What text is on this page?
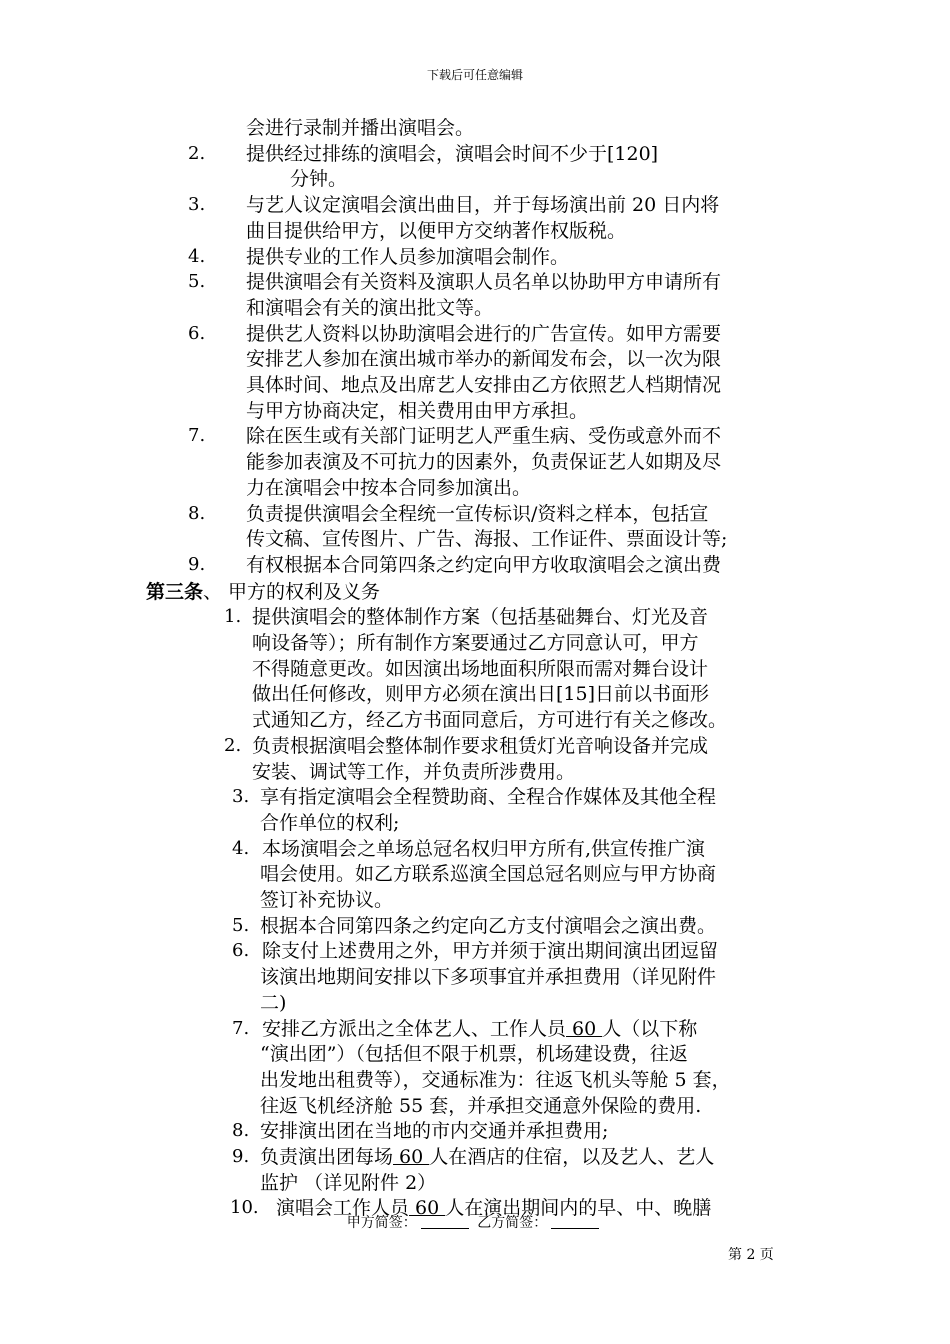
下载后可任意编辑
会进行录制并播出演唱会。
2. 提供经过排练的演唱会，演唱会时间不少于[120]
分钟。
3. 与艺人议定演唱会演出曲目，并于每场演出前 20 日内将
曲目提供给甲方，以便甲方交纳著作权版税。
4. 提供专业的工作人员参加演唱会制作。
5. 提供演唱会有关资料及演职人员名单以协助甲方申请所有
和演唱会有关的演出批文等。
6. 提供艺人资料以协助演唱会进行的广告宣传。如甲方需要
安排艺人参加在演出城市举办的新闻发布会，以一次为限
具体时间、地点及出席艺人安排由乙方依照艺人档期情况
与甲方协商决定，相关费用由甲方承担。
7. 除在医生或有关部门证明艺人严重生病、受伤或意外而不
能参加表演及不可抗力的因素外，负责保证艺人如期及尽
力在演唱会中按本合同参加演出。
8. 负责提供演唱会全程统一宣传标识/资料之样本，包括宣
传文稿、宣传图片、广告、海报、工作证件、票面设计等;
9. 有权根据本合同第四条之约定向甲方收取演唱会之演出费
第三条、 甲方的权利及义务
1. 提供演唱会的整体制作方案（包括基础舞台、灯光及音
响设备等）；所有制作方案要通过乙方同意认可，甲方
不得随意更改。如因演出场地面积所限而需对舞台设计
做出任何修改，则甲方必须在演出日[15]日前以书面形
式通知乙方，经乙方书面同意后，方可进行有关之修改。
2. 负责根据演唱会整体制作要求租赁灯光音响设备并完成
安装、调试等工作，并负责所涉费用。
3. 享有指定演唱会全程赞助商、全程合作媒体及其他全程
合作单位的权利;
4. 本场演唱会之单场总冠名权归甲方所有,供宣传推广演
唱会使用。如乙方联系巡演全国总冠名则应与甲方协商
签订补充协议。
5. 根据本合同第四条之约定向乙方支付演唱会之演出费。
6. 除支付上述费用之外，甲方并须于演出期间演出团逗留
该演出地期间安排以下多项事宜并承担费用（详见附件
二)
7. 安排乙方派出之全体艺人、工作人员 60 人（以下称
“演出团”）（包括但不限于机票，机场建设费，往返
出发地出租费等），交通标准为：往返飞机头等舱 5 套，
往返飞机经济舱 55 套，并承担交通意外保险的费用.
8. 安排演出团在当地的市内交通并承担费用;
9. 负责演出团每场 60 人在酒店的住宿，以及艺人、艺人
监护 （详见附件 2）
10. 演唱会工作人员 60 人在演出期间内的早、中、晚膳
甲方简签：	乙方简签：
第 2 页
